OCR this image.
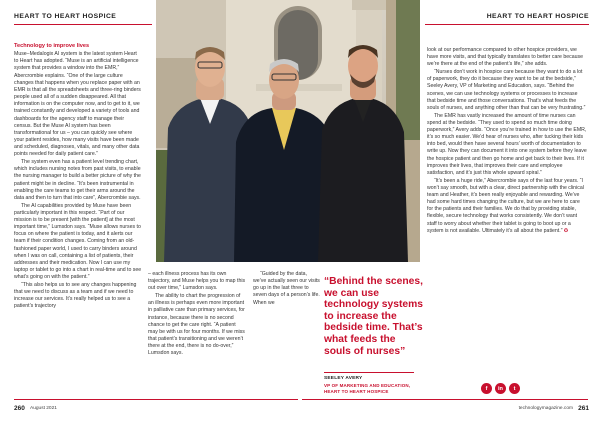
HEART TO HEART HOSPICE	HEART TO HEART HOSPICE
Technology to improve lives

Muse–Medalogix AI system is the latest system Heart to Heart has adopted. “Muse is an artificial intelligence system that provides a window into the EMR,” Abercrombie explains. “One of the large culture changes that happens when you replace paper with an EMR is that all the spreadsheets and three-ring binders people used all of a sudden disappeared. All that information is on the computer now, and to get to it, we trained constantly and developed a variety of tools and dashboards for the agency staff to manage their census. But the Muse AI system has been transformational for us – you can quickly see where your patient resides, how many visits have been made and scheduled, diagnoses, vitals, and many other data points needed for daily patient care.”

The system even has a patient level trending chart, which includes nursing notes from past visits, to enable the nursing manager to build a better picture of why the patient might be in decline. “It’s been instrumental in enabling the care teams to get their arms around the data and then to turn that into care”, Abercrombie says.

The AI capabilities provided by Muse have been particularly important in this respect. “Part of our mission is to be present [with the patient] at the most important time,” Lumsdon says. “Muse allows nurses to focus on where the patient is today, and it alerts our team if their condition changes. Coming from an old-fashioned paper world, I used to carry binders around when I was on call, containing a list of patients, their addresses and their medication. Now I can use my laptop or tablet to go into a chart in real-time and to see what’s going on with the patient.”

“This also helps us to see any changes happening that we need to discuss as a team and if we need to increase our services. It’s really helped us to see a patient’s trajectory

– each illness process has its own trajectory, and Muse helps you to map this out over time,” Lumsdon says.

The ability to chart the progression of an illness is perhaps even more important in palliative care than primary services, for instance, because there is no second chance to get the care right. “A patient may be with us for four months. If we miss that patient’s transitioning and we weren’t there at the end, there is no do-over,” Lumsdon says.

“Guided by the data, we’ve actually seen our visits go up in the last three to seven days of a person’s life. When we

“Behind the scenes, we can use technology systems to increase the bedside time. That’s what feeds the souls of nurses”
SEELEY AVERY
VP OF MARKETING AND EDUCATION, HEART TO HEART HOSPICE

look at our performance compared to other hospice providers, we have more visits, and that typically translates to better care because we’re there at the end of the patient’s life,” she adds.

“Nurses don’t work in hospice care because they want to do a lot of paperwork, they do it because they want to be at the bedside,” Seeley Avery, VP of Marketing and Education, says. “Behind the scenes, we can use technology systems or processes to increase that bedside time and those conversations. That’s what feeds the souls of nurses, and anything other than that can be very frustrating.”

The EMR has vastly increased the amount of time nurses can spend at the bedside. “They used to spend so much time doing paperwork,” Avery adds. “Once you’re trained in how to use the EMR, it’s so much easier. We’d hear of nurses who, after tucking their kids into bed, would then have several hours’ worth of documentation to write up. Now they can document it into one system before they leave the hospice patient and then go home and get back to their lives. If it improves their lives, that improves their care and employee satisfaction, and it’s just this whole upward spiral.”

“It’s been a huge ride,” Abercrombie says of the last four years. “I won’t say smooth, but with a clear, direct partnership with the clinical team and Heather, it’s been really enjoyable and rewarding. We’ve had some hard times changing the culture, but we are here to care for the patients and their families. We do that by providing stable, flexible, secure technology that works consistently. We don’t want staff to worry about whether their tablet is going to boot up or a system is not available. Ultimately it’s all about the patient.” ✪

f	in	t
260 August 2021	technologymagazine.com 261
